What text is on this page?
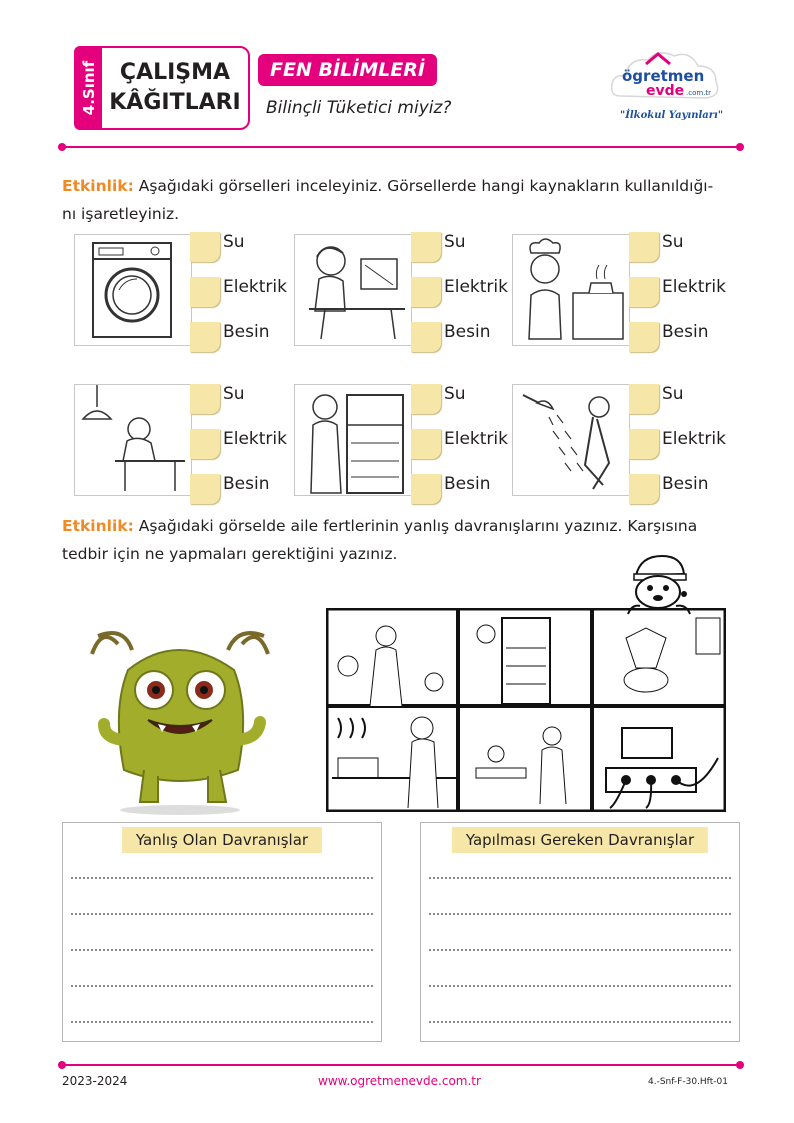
4.Sınıf ÇALIŞMA
KÂĞITLARI
FEN BİLİMLERİ
Bilinçli Tüketici miyiz?
ögretmen
evde .com.tr
"İlkokul Yayınları"
Etkinlik: Aşağıdaki görselleri inceleyiniz. Görsellerde hangi kaynakların kullanıldığı-
nı işaretleyiniz.
Su
Elektrik
Besin
Su
Elektrik
Besin
Su
Elektrik
Besin
Su
Elektrik
Besin
Su
Elektrik
Besin
Su
Elektrik
Besin
Etkinlik: Aşağıdaki görselde aile fertlerinin yanlış davranışlarını yazınız. Karşısına
tedbir için ne yapmaları gerektiğini yazınız.
Yanlış Olan Davranışlar	Yapılması Gereken Davranışlar
2023-2024	www.ogretmenevde.com.tr	4.-Snf-F-30.Hft-01
